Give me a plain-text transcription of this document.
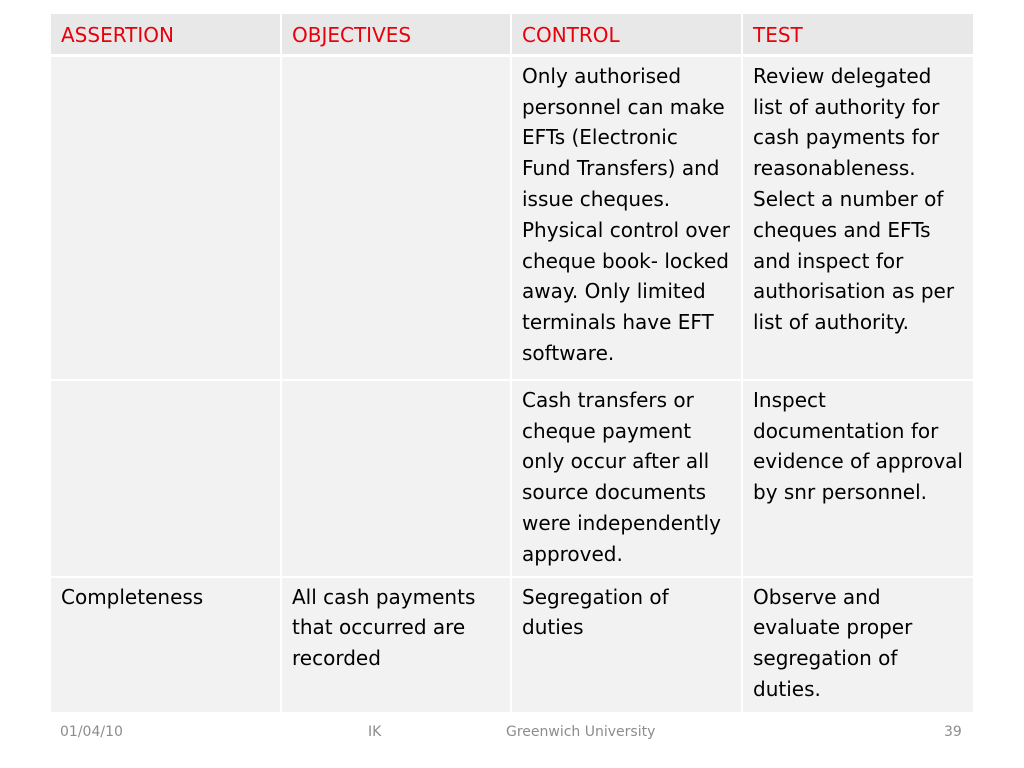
ASSERTION	OBJECTIVES	CONTROL	TEST
		Only authorised personnel can make EFTs (Electronic Fund Transfers) and issue cheques. Physical control over cheque book- locked away. Only limited terminals have EFT software.	Review delegated list of authority for cash payments for reasonableness. Select a number of cheques and EFTs and inspect for authorisation as per list of authority.
		Cash transfers or cheque payment only occur after all source documents were independently approved.	Inspect documentation for evidence of approval by snr personnel.
Completeness	All cash payments that occurred are recorded	Segregation of duties	Observe and evaluate proper segregation of duties.
01/04/10	IK	Greenwich University	39
